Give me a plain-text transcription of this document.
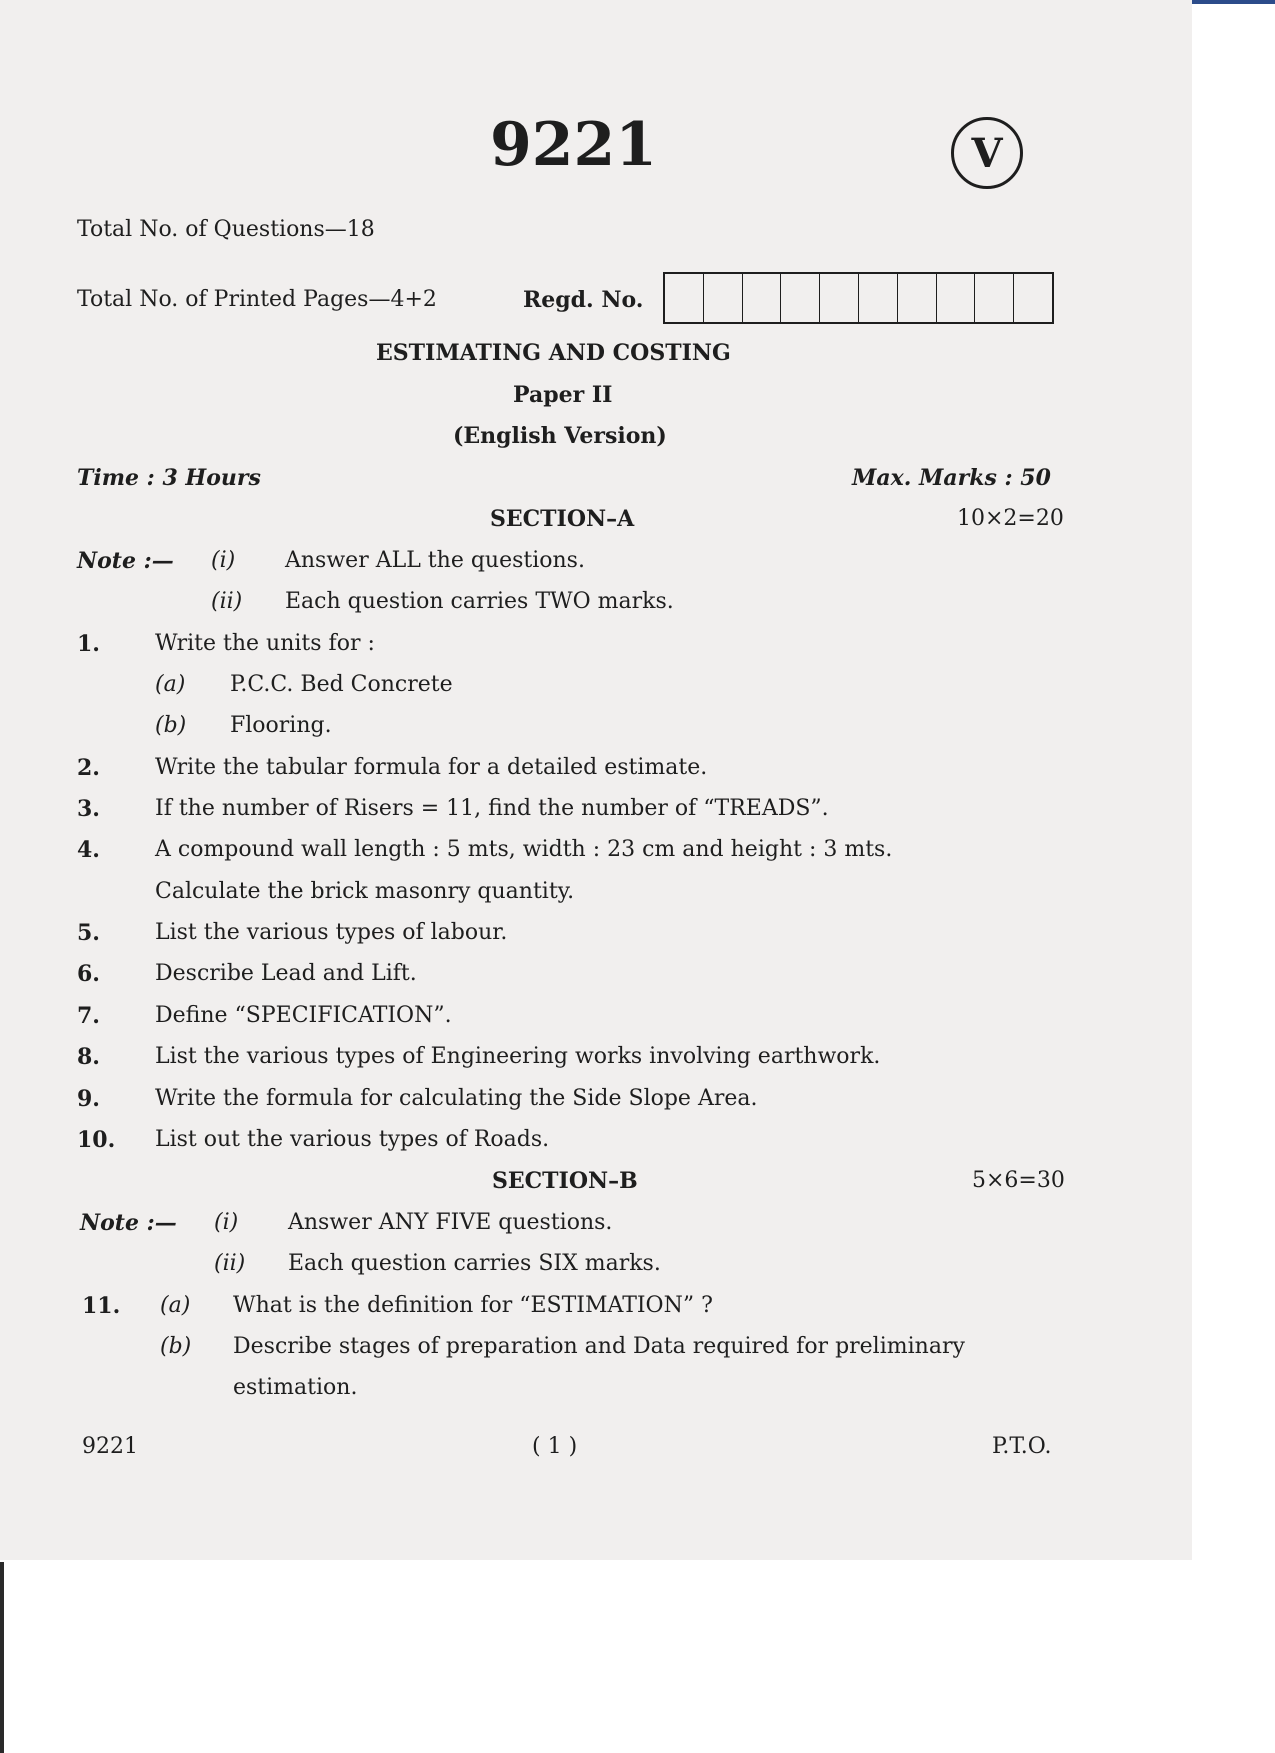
9221	V
Total No. of Questions—18
Total No. of Printed Pages—4+2	Regd. No.
ESTIMATING AND COSTING
Paper II
(English Version)
Time : 3 Hours	Max. Marks : 50
SECTION–A	10×2=20
Note :— (i) Answer ALL the questions.
(ii) Each question carries TWO marks.
1.	Write the units for :
(a) P.C.C. Bed Concrete
(b) Flooring.
2.	Write the tabular formula for a detailed estimate.
3.	If the number of Risers = 11, find the number of “TREADS”.
4.	A compound wall length : 5 mts, width : 23 cm and height : 3 mts.
Calculate the brick masonry quantity.
5.	List the various types of labour.
6.	Describe Lead and Lift.
7.	Define “SPECIFICATION”.
8.	List the various types of Engineering works involving earthwork.
9.	Write the formula for calculating the Side Slope Area.
10. List out the various types of Roads.
SECTION–B	5×6=30
Note :— (i) Answer ANY FIVE questions.
(ii) Each question carries SIX marks.
11. (a) What is the definition for “ESTIMATION” ?
(b) Describe stages of preparation and Data required for preliminary
estimation.
9221	( 1 )	P.T.O.
